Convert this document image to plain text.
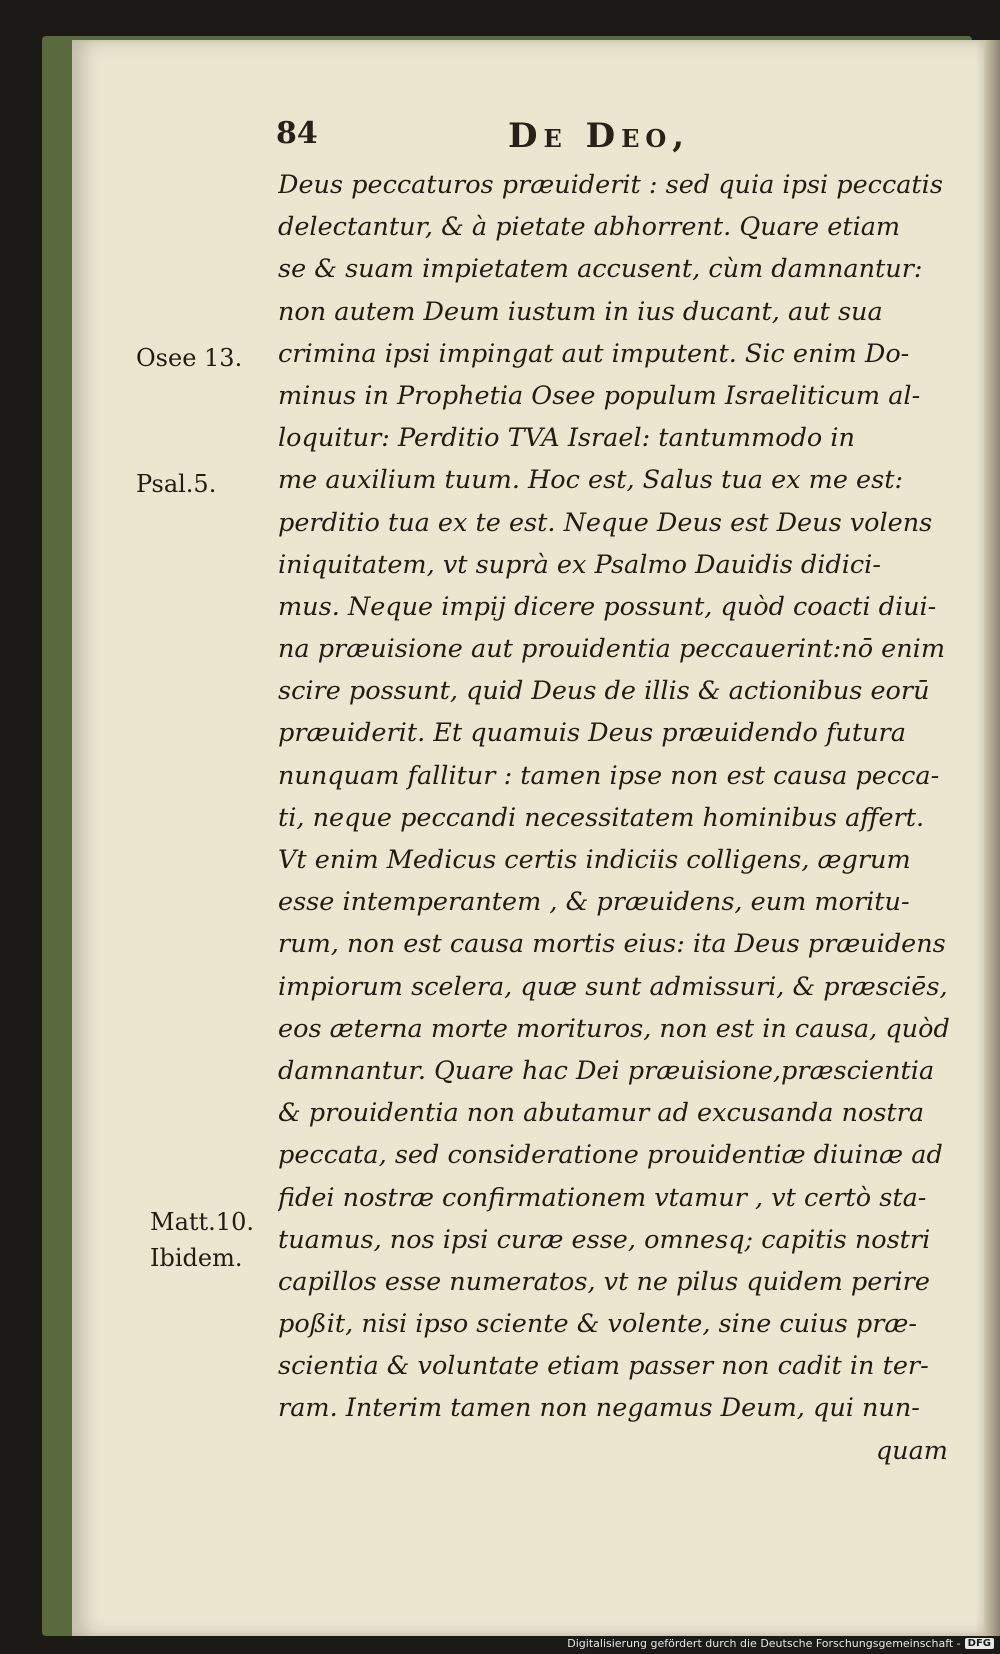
84	De Deo,
Deus peccaturos præuiderit : sed quia ipsi peccatis
delectantur, & à pietate abhorrent. Quare etiam
se & suam impietatem accusent, cùm damnantur:
non autem Deum iustum in ius ducant, aut sua
crimina ipsi impingat aut imputent. Sic enim Do-
minus in Prophetia Osee populum Israeliticum al-
loquitur: Perditio TVA Israel: tantummodo in
me auxilium tuum. Hoc est, Salus tua ex me est:
perditio tua ex te est. Neque Deus est Deus volens
iniquitatem, vt suprà ex Psalmo Dauidis didici-
mus. Neque impij dicere possunt, quòd coacti diui-
na præuisione aut prouidentia peccauerint:nō enim
scire possunt, quid Deus de illis & actionibus eorū
præuiderit. Et quamuis Deus præuidendo futura
nunquam fallitur : tamen ipse non est causa pecca-
ti, neque peccandi necessitatem hominibus affert.
Vt enim Medicus certis indiciis colligens, ægrum
esse intemperantem , & præuidens, eum moritu-
rum, non est causa mortis eius: ita Deus præuidens
impiorum scelera, quæ sunt admissuri, & præsciēs,
eos æterna morte morituros, non est in causa, quòd
damnantur. Quare hac Dei præuisione,præscientia
& prouidentia non abutamur ad excusanda nostra
peccata, sed consideratione prouidentiæ diuinæ ad
fidei nostræ confirmationem vtamur , vt certò sta-
tuamus, nos ipsi curæ esse, omnesq; capitis nostri
capillos esse numeratos, vt ne pilus quidem perire
poßit, nisi ipso sciente & volente, sine cuius præ-
scientia & voluntate etiam passer non cadit in ter-
ram. Interim tamen non negamus Deum, qui nun-
quam
Osee 13.
Psal.5.
Matt.10.
Ibidem.
Digitalisierung gefördert durch die Deutsche Forschungsgemeinschaft - DFG
